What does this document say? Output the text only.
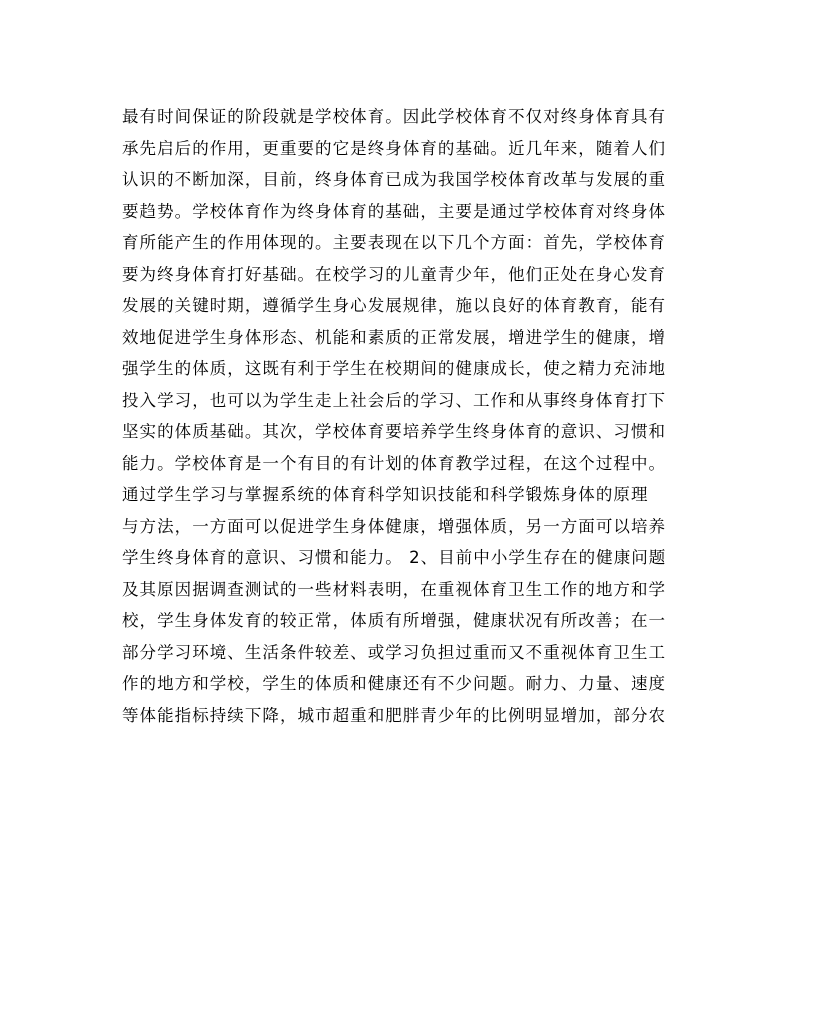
最有时间保证的阶段就是学校体育。因此学校体育不仅对终身体育具有
承先启后的作用，更重要的它是终身体育的基础。近几年来，随着人们
认识的不断加深，目前，终身体育已成为我国学校体育改革与发展的重
要趋势。学校体育作为终身体育的基础，主要是通过学校体育对终身体
育所能产生的作用体现的。主要表现在以下几个方面：首先，学校体育
要为终身体育打好基础。在校学习的儿童青少年，他们正处在身心发育
发展的关键时期，遵循学生身心发展规律，施以良好的体育教育，能有
效地促进学生身体形态、机能和素质的正常发展，增进学生的健康，增
强学生的体质，这既有利于学生在校期间的健康成长，使之精力充沛地
投入学习，也可以为学生走上社会后的学习、工作和从事终身体育打下
坚实的体质基础。其次，学校体育要培养学生终身体育的意识、习惯和
能力。学校体育是一个有目的有计划的体育教学过程，在这个过程中。
通过学生学习与掌握系统的体育科学知识技能和科学锻炼身体的原理
与方法，一方面可以促进学生身体健康，增强体质，另一方面可以培养
学生终身体育的意识、习惯和能力。 2、目前中小学生存在的健康问题
及其原因据调查测试的一些材料表明，在重视体育卫生工作的地方和学
校，学生身体发育的较正常，体质有所增强，健康状况有所改善；在一
部分学习环境、生活条件较差、或学习负担过重而又不重视体育卫生工
作的地方和学校，学生的体质和健康还有不少问题。耐力、力量、速度
等体能指标持续下降，城市超重和肥胖青少年的比例明显增加，部分农
